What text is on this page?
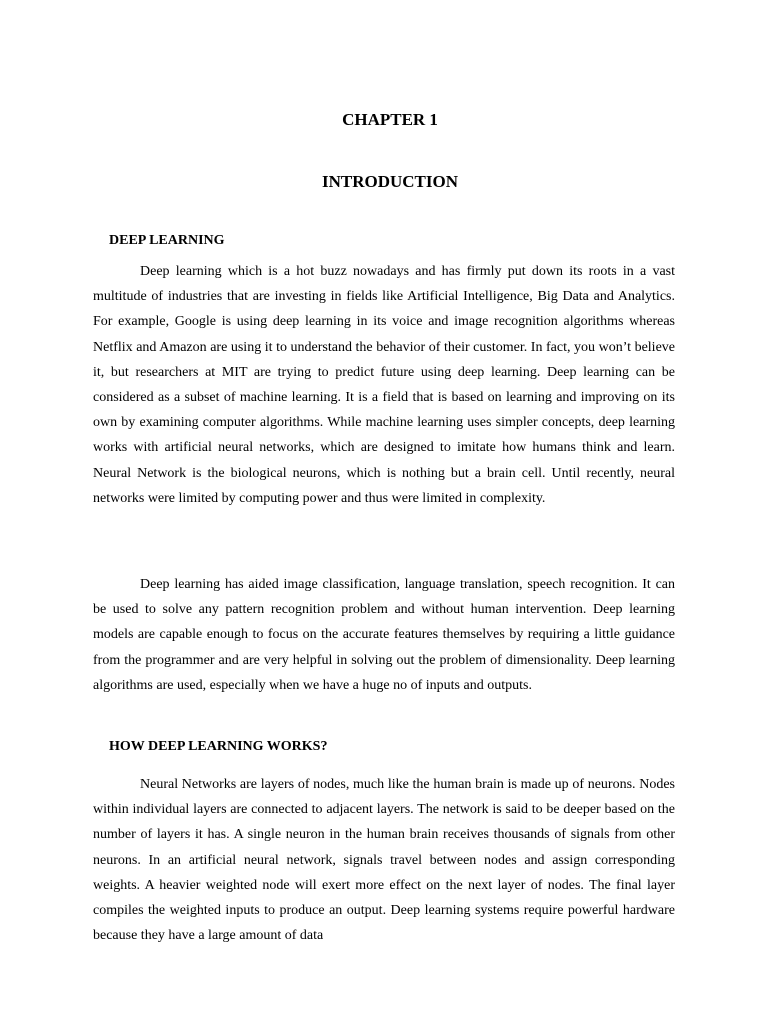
CHAPTER 1
INTRODUCTION
DEEP LEARNING

Deep learning which is a hot buzz nowadays and has firmly put down its roots in a vast multitude of industries that are investing in fields like Artificial Intelligence, Big Data and Analytics. For example, Google is using deep learning in its voice and image recognition algorithms whereas Netflix and Amazon are using it to understand the behavior of their customer. In fact, you won’t believe it, but researchers at MIT are trying to predict future using deep learning. Deep learning can be considered as a subset of machine learning. It is a field that is based on learning and improving on its own by examining computer algorithms. While machine learning uses simpler concepts, deep learning works with artificial neural networks, which are designed to imitate how humans think and learn. Neural Network is the biological neurons, which is nothing but a brain cell. Until recently, neural networks were limited by computing power and thus were limited in complexity.

Deep learning has aided image classification, language translation, speech recognition. It can be used to solve any pattern recognition problem and without human intervention. Deep learning models are capable enough to focus on the accurate features themselves by requiring a little guidance from the programmer and are very helpful in solving out the problem of dimensionality. Deep learning algorithms are used, especially when we have a huge no of inputs and outputs.

HOW DEEP LEARNING WORKS?

Neural Networks are layers of nodes, much like the human brain is made up of neurons. Nodes within individual layers are connected to adjacent layers. The network is said to be deeper based on the number of layers it has. A single neuron in the human brain receives thousands of signals from other neurons. In an artificial neural network, signals travel between nodes and assign corresponding weights. A heavier weighted node will exert more effect on the next layer of nodes. The final layer compiles the weighted inputs to produce an output. Deep learning systems require powerful hardware because they have a large amount of data
